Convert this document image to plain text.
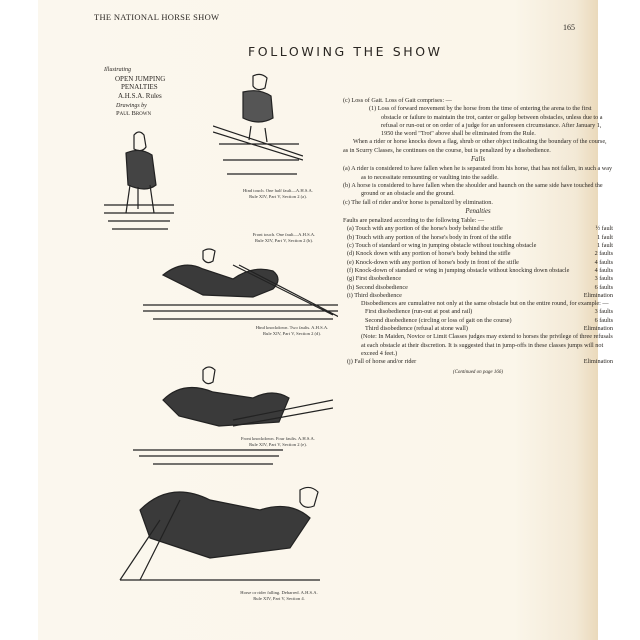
THE NATIONAL HORSE SHOW
165
FOLLOWING THE SHOW
Illustrating
OPEN JUMPING
PENALTIES
A.H.S.A. Rules
Drawings by
Paul Brown
Hind touch. One half fault—A.H.S.A.
Rule XIV, Part V, Section 2 (a).
Front touch. One fault—A.H.S.A.
Rule XIV, Part V, Section 2 (b).
Hind knockdown. Two faults. A.H.S.A.
Rule XIV, Part V, Section 2 (d).
Front knockdown. Four faults. A.H.S.A.
Rule XIV, Part V, Section 2 (e).
Horse or rider falling. Debarred. A.H.S.A.
Rule XIV, Part V, Section 4.

(c) Loss of Gait. Loss of Gait comprises: —

(1) Loss of forward movement by the horse from the time of entering the arena to the first obstacle or failure to maintain the trot, canter or gallop between obstacles, unless due to a refusal or run-out or on order of a judge for an unforeseen circumstance. After January 1, 1950 the word "Trot" above shall be eliminated from the Rule.

When a rider or horse knocks down a flag, shrub or other object indicating the boundary of the course, as in Scurry Classes, he continues on the course, but is penalized by a disobedience.

Falls

(a) A rider is considered to have fallen when he is separated from his horse, that has not fallen, in such a way as to necessitate remounting or vaulting into the saddle.

(b) A horse is considered to have fallen when the shoulder and haunch on the same side have touched the ground or an obstacle and the ground.

(c) The fall of rider and/or horse is penalized by elimination.

Penalties

Faults are penalized according to the following Table: —

(a) Touch with any portion of the horse's body behind the stifle	½ fault
(b) Touch with any portion of the horse's body in front of the stifle	1 fault
(c) Touch of standard or wing in jumping obstacle without touching obstacle	1 fault
(d) Knock down with any portion of horse's body behind the stifle	2 faults
(e) Knock-down with any portion of horse's body in front of the stifle	4 faults
(f) Knock-down of standard or wing in jumping obstacle without knocking down obstacle	4 faults
(g) First disobedience	3 faults
(h) Second disobedience	6 faults
(i) Third disobedience	Elimination

Disobediences are cumulative not only at the same obstacle but on the entire round, for example: —

First disobedience (run-out at post and rail)	3 faults
Second disobedience (circling or loss of gait on the course)	6 faults
Third disobedience (refusal at stone wall)	Elimination

(Note: In Maiden, Novice or Limit Classes judges may extend to horses the privilege of three refusals at each obstacle at their discretion. It is suggested that in jump-offs in these classes jumps will not exceed 4 feet.)

(j) Fall of horse and/or rider	Elimination

(Continued on page 166)
